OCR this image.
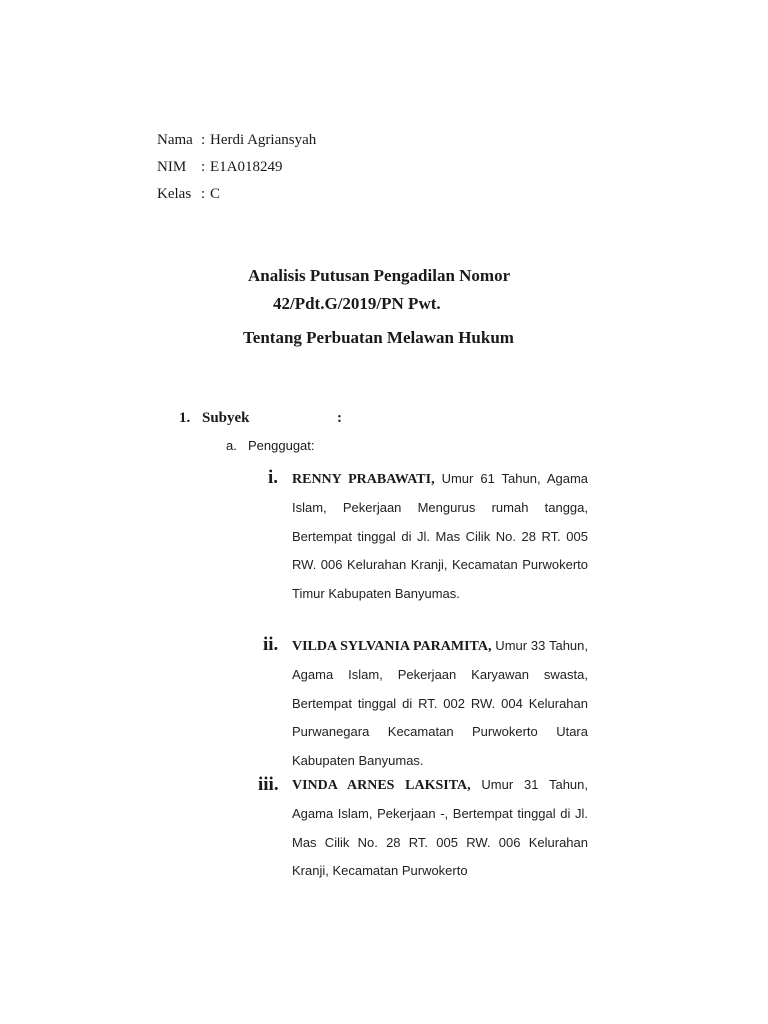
Nama : Herdi Agriansyah
NIM : E1A018249
Kelas : C
Analisis Putusan Pengadilan Nomor
42/Pdt.G/2019/PN Pwt.
Tentang Perbuatan Melawan Hukum
1. Subyek	:
a. Penggugat:
i. RENNY PRABAWATI, Umur 61 Tahun, Agama Islam, Pekerjaan Mengurus rumah tangga, Bertempat tinggal di Jl. Mas Cilik No. 28 RT. 005 RW. 006 Kelurahan Kranji, Kecamatan Purwokerto Timur Kabupaten Banyumas.
ii. VILDA SYLVANIA PARAMITA, Umur 33 Tahun, Agama Islam, Pekerjaan Karyawan swasta, Bertempat tinggal di RT. 002 RW. 004 Kelurahan Purwanegara Kecamatan Purwokerto Utara Kabupaten Banyumas.
iii. VINDA ARNES LAKSITA, Umur 31 Tahun, Agama Islam, Pekerjaan -, Bertempat tinggal di Jl. Mas Cilik No. 28 RT. 005 RW. 006 Kelurahan Kranji, Kecamatan Purwokerto
